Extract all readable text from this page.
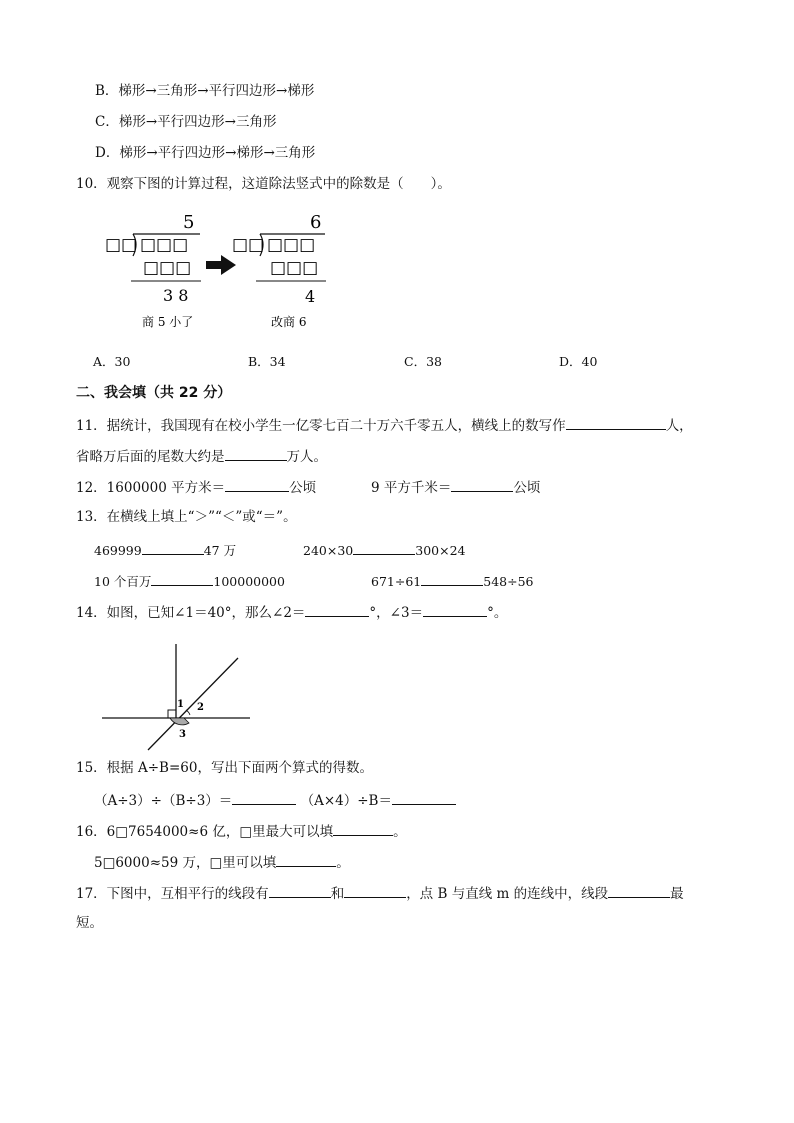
B．梯形→三角形→平行四边形→梯形
C．梯形→平行四边形→三角形
D．梯形→平行四边形→梯形→三角形
10．观察下图的计算过程，这道除法竖式中的除数是（　　）。
5
□□ □□□
□□□
3 8
商 5 小了
6
□□ □□□
□□□
4
改商 6
A．30	B．34	C．38	D．40
二、我会填（共 22 分）
11．据统计，我国现有在校小学生一亿零七百二十万六千零五人，横线上的数写作	人，
省略万后面的尾数大约是	万人。
12．1600000 平方米＝	公顷	9 平方千米＝	公顷
13．在横线上填上“＞”“＜”或“＝”。
469999	47 万	240×30	300×24
10 个百万	100000000	671÷61	548÷56
14．如图，已知∠1＝40°，那么∠2＝	°，∠3＝	°。
1 2
3
15．根据 A÷B=60，写出下面两个算式的得数。
（A÷3）÷（B÷3）＝	（A×4）÷B＝
16．6□7654000≈6 亿，□里最大可以填	。
5□6000≈59 万，□里可以填	。
17．下图中，互相平行的线段有	和	，点 B 与直线 m 的连线中，线段	最
短。
